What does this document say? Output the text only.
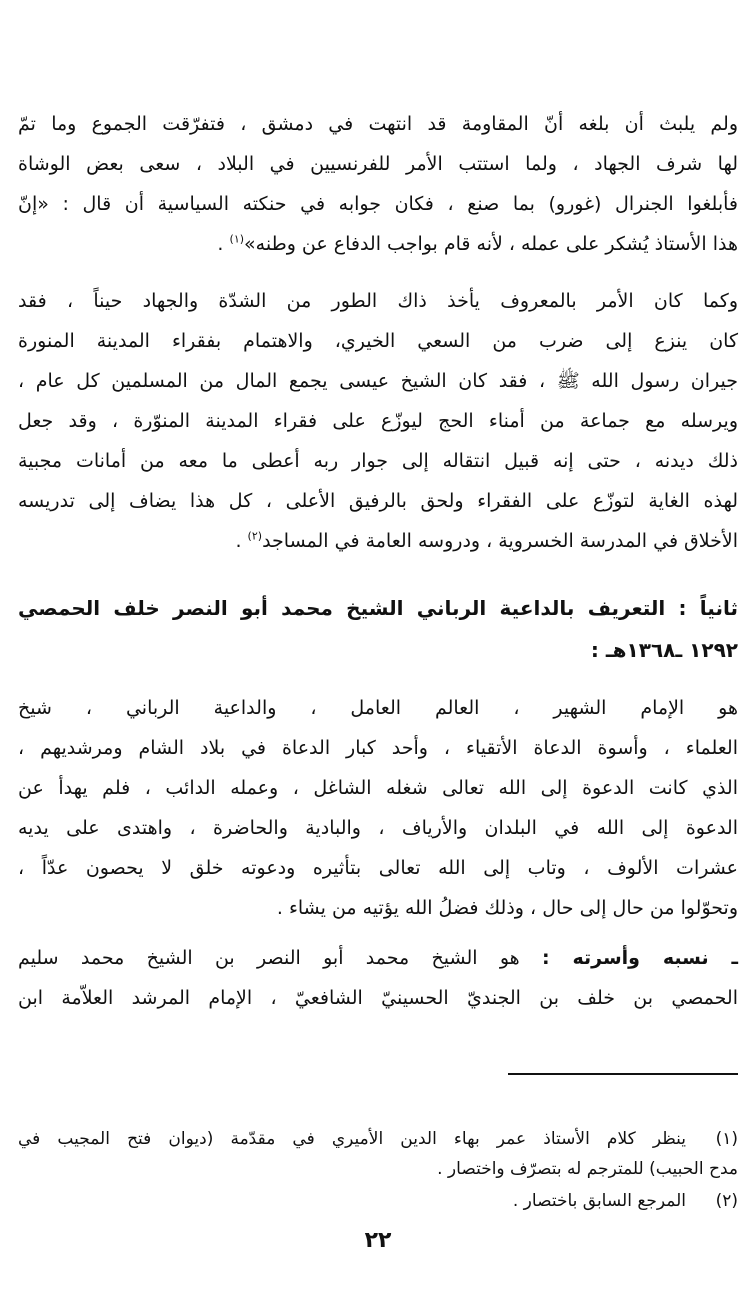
ولم يلبث أن بلغه أنّ المقاومة قد انتهت في دمشق ، فتفرّقت الجموع وما تمّ
لها شرف الجهاد ، ولما استتب الأمر للفرنسيين في البلاد ، سعى بعض الوشاة
فأبلغوا الجنرال (غورو) بما صنع ، فكان جوابه في حنكته السياسية أن قال : «إنّ
هذا الأستاذ يُشكر على عمله ، لأنه قام بواجب الدفاع عن وطنه»$^{(١)}$ .
وكما كان الأمر بالمعروف يأخذ ذاك الطور من الشدّة والجهاد حيناً ، فقد
كان ينزع إلى ضرب من السعي الخيري، والاهتمام بفقراء المدينة المنورة
جيران رسول الله ﷺ ، فقد كان الشيخ عيسى يجمع المال من المسلمين كل عام ،
ويرسله مع جماعة من أمناء الحج ليوزّع على فقراء المدينة المنوّرة ، وقد جعل
ذلك ديدنه ، حتى إنه قبيل انتقاله إلى جوار ربه أعطى ما معه من أمانات مجبية
لهذه الغاية لتوزّع على الفقراء ولحق بالرفيق الأعلى ، كل هذا يضاف إلى تدريسه
الأخلاق في المدرسة الخسروية ، ودروسه العامة في المساجد$^{(٢)}$ .
ثانياً : التعريف بالداعية الرباني الشيخ محمد أبو النصر خلف الحمصي
١٢٩٢ ـ١٣٦٨هـ :
هو الإمام الشهير ، العالم العامل ، والداعية الرباني ، شيخ
العلماء ، وأسوة الدعاة الأتقياء ، وأحد كبار الدعاة في بلاد الشام ومرشديهم ،
الذي كانت الدعوة إلى الله تعالى شغله الشاغل ، وعمله الدائب ، فلم يهدأ عن
الدعوة إلى الله في البلدان والأرياف ، والبادية والحاضرة ، واهتدى على يديه
عشرات الألوف ، وتاب إلى الله تعالى بتأثيره ودعوته خلق لا يحصون عدّاً ،
وتحوّلوا من حال إلى حال ، وذلك فضلُ الله يؤتيه من يشاء .
ـ نسبه وأسرته : هو الشيخ محمد أبو النصر بن الشيخ محمد سليم
الحمصي بن خلف بن الجنديّ الحسينيّ الشافعيّ ، الإمام المرشد العلاّمة ابن
(١)ينظر كلام الأستاذ عمر بهاء الدين الأميري في مقدّمة (ديوان فتح المجيب في
مدح الحبيب) للمترجم له بتصرّف واختصار .
(٢)المرجع السابق باختصار .
٢٢
